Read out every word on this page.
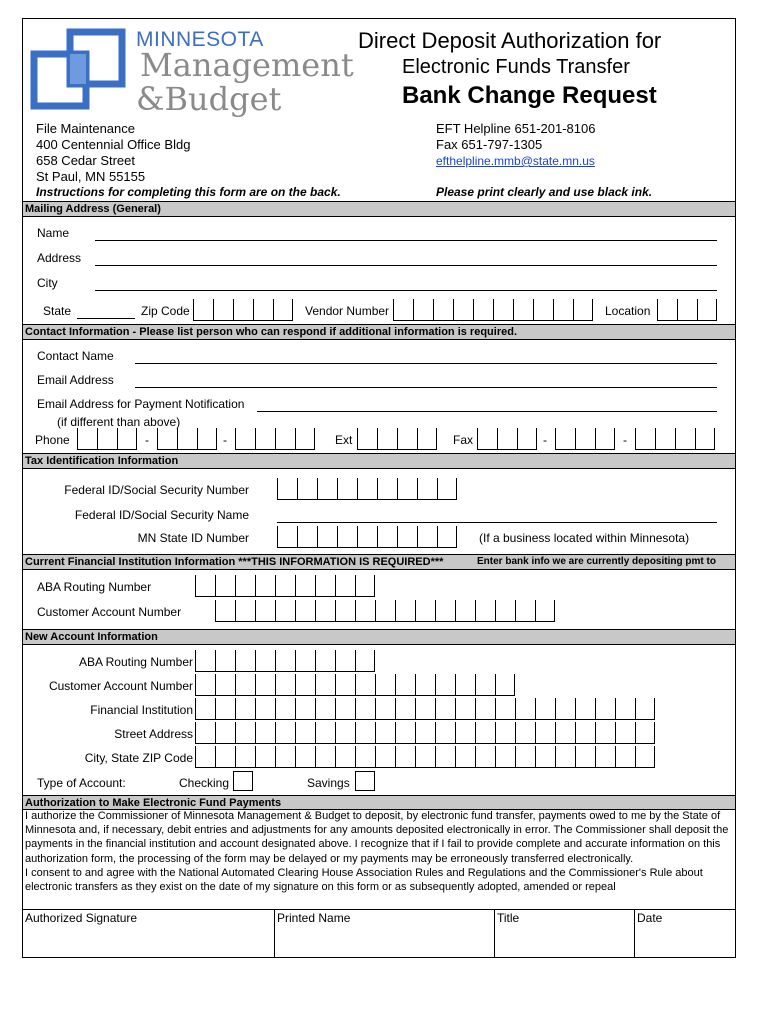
MINNESOTA
Management
&Budget
Direct Deposit Authorization for
Electronic Funds Transfer
Bank Change Request
File Maintenance
400 Centennial Office Bldg
658 Cedar Street
St Paul, MN 55155
Instructions for completing this form are on the back.
EFT Helpline 651-201-8106
Fax 651-797-1305
efthelpline.mmb@state.mn.us
Please print clearly and use black ink.
Mailing Address (General)
Name
Address
City
State	Zip Code	Vendor Number	Location
Contact Information - Please list person who can respond if additional information is required.
Contact Name
Email Address
Email Address for Payment Notification
(if different than above)
Phone	-	-	Ext	Fax	-	-
Tax Identification Information
Federal ID/Social Security Number
Federal ID/Social Security Name
MN State ID Number	(If a business located within Minnesota)
Current Financial Institution Information ***THIS INFORMATION IS REQUIRED***	Enter bank info we are currently depositing pmt to
ABA Routing Number
Customer Account Number
New Account Information
ABA Routing Number
Customer Account Number
Financial Institution
Street Address
City, State ZIP Code
Type of Account:	Checking	Savings
Authorization to Make Electronic Fund Payments
I authorize the Commissioner of Minnesota Management & Budget to deposit, by electronic fund transfer, payments owed to me by the State of Minnesota and, if necessary, debit entries and adjustments for any amounts deposited electronically in error. The Commissioner shall deposit the payments in the financial institution and account designated above. I recognize that if I fail to provide complete and accurate information on this authorization form, the processing of the form may be delayed or my payments may be erroneously transferred electronically.
I consent to and agree with the National Automated Clearing House Association Rules and Regulations and the Commissioner's Rule about electronic transfers as they exist on the date of my signature on this form or as subsequently adopted, amended or repeal
Authorized Signature	Printed Name	Title	Date
